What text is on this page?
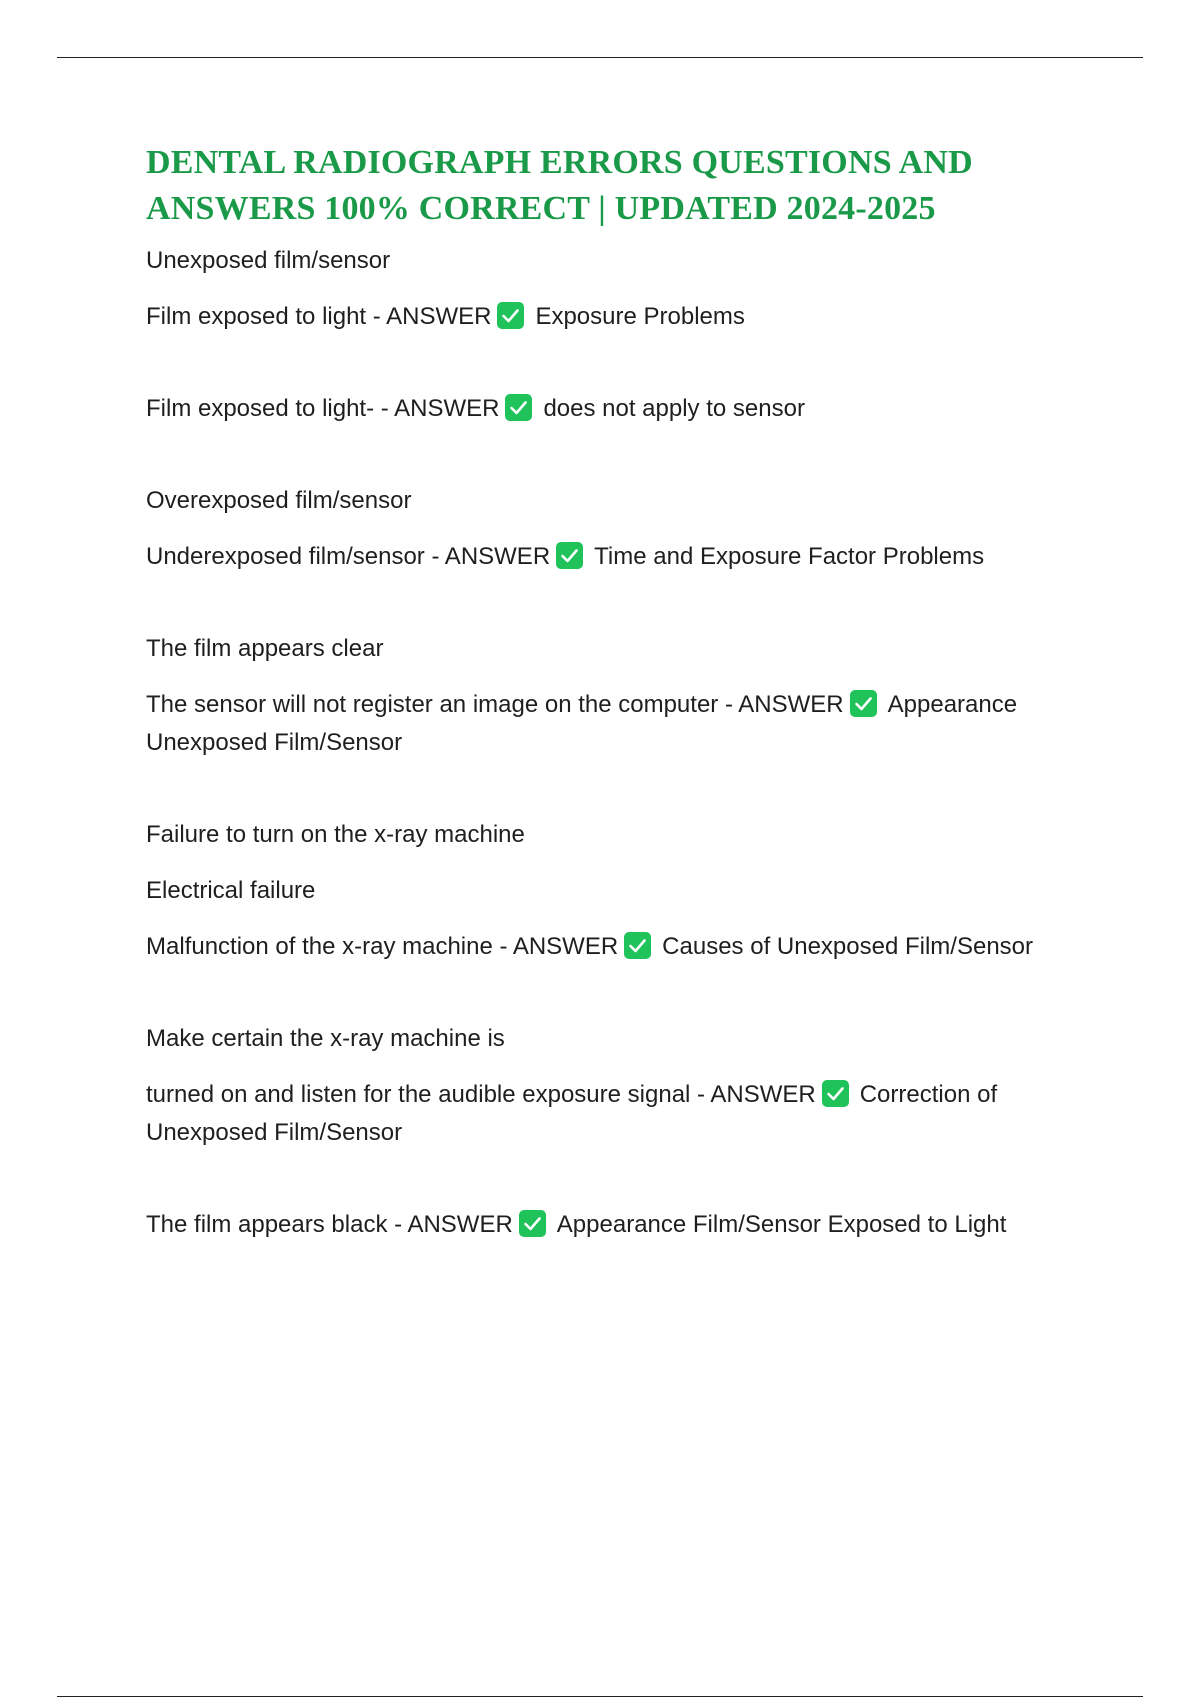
DENTAL RADIOGRAPH ERRORS QUESTIONS AND ANSWERS 100% CORRECT | UPDATED 2024-2025

Unexposed film/sensor

Film exposed to light - ANSWER Exposure Problems

Film exposed to light- - ANSWER does not apply to sensor

Overexposed film/sensor

Underexposed film/sensor - ANSWER Time and Exposure Factor Problems

The film appears clear

The sensor will not register an image on the computer - ANSWER Appearance Unexposed Film/Sensor

Failure to turn on the x-ray machine

Electrical failure

Malfunction of the x-ray machine - ANSWER Causes of Unexposed Film/Sensor

Make certain the x-ray machine is

turned on and listen for the audible exposure signal - ANSWER Correction of Unexposed Film/Sensor

The film appears black - ANSWER Appearance Film/Sensor Exposed to Light
